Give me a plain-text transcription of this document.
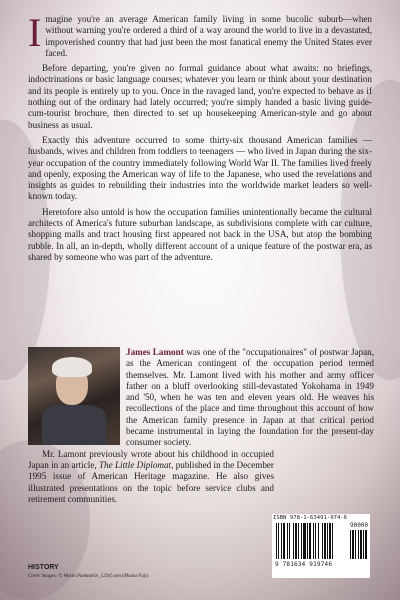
Imagine you're an average American family living in some bucolic suburb—when without warning you're ordered a third of a way around the world to live in a devastated, impoverished country that had just been the most fanatical enemy the United States ever faced.

Before departing, you're given no formal guidance about what awaits: no briefings, indoctrinations or basic language courses; whatever you learn or think about your destination and its people is entirely up to you. Once in the ravaged land, you're expected to behave as if nothing out of the ordinary had lately occurred; you're simply handed a basic living guide-cum-tourist brochure, then directed to set up housekeeping American-style and go about business as usual.

Exactly this adventure occurred to some thirty-six thousand American families — husbands, wives and children from toddlers to teenagers — who lived in Japan during the six-year occupation of the country immediately following World War II. The families lived freely and openly, exposing the American way of life to the Japanese, who used the revelations and insights as guides to rebuilding their industries into the worldwide market leaders so well-known today.

Heretofore also untold is how the occupation families unintentionally became the cultural architects of America's future suburban landscape, as subdivisions complete with car culture, shopping malls and tract housing first appeared not back in the USA, but atop the bombing rubble. In all, an in-depth, wholly different account of a unique feature of the postwar era, as shared by someone who was part of the adventure.

James Lamont was one of the "occupationaires" of postwar Japan, as the American contingent of the occupation period termed themselves. Mr. Lamont lived with his mother and army officer father on a bluff overlooking still-devastated Yokohama in 1949 and '50, when he was ten and eleven years old. He weaves his recollections of the place and time throughout this account of how the American family presence in Japan at that critical period became instrumental in laying the foundation for the present-day consumer society.

Mr. Lamont previously wrote about his childhood in occupied Japan in an article, The Little Diplomat, published in the December 1995 issue of American Heritage magazine. He also gives illustrated presentations on the topic before service clubs and retirement communities.

ISBN 978-1-63491-974-6
90000
9 781634 919746
HISTORY
Cover images: © Wasin Pummarin_123rf.com (Mount Fuji)
